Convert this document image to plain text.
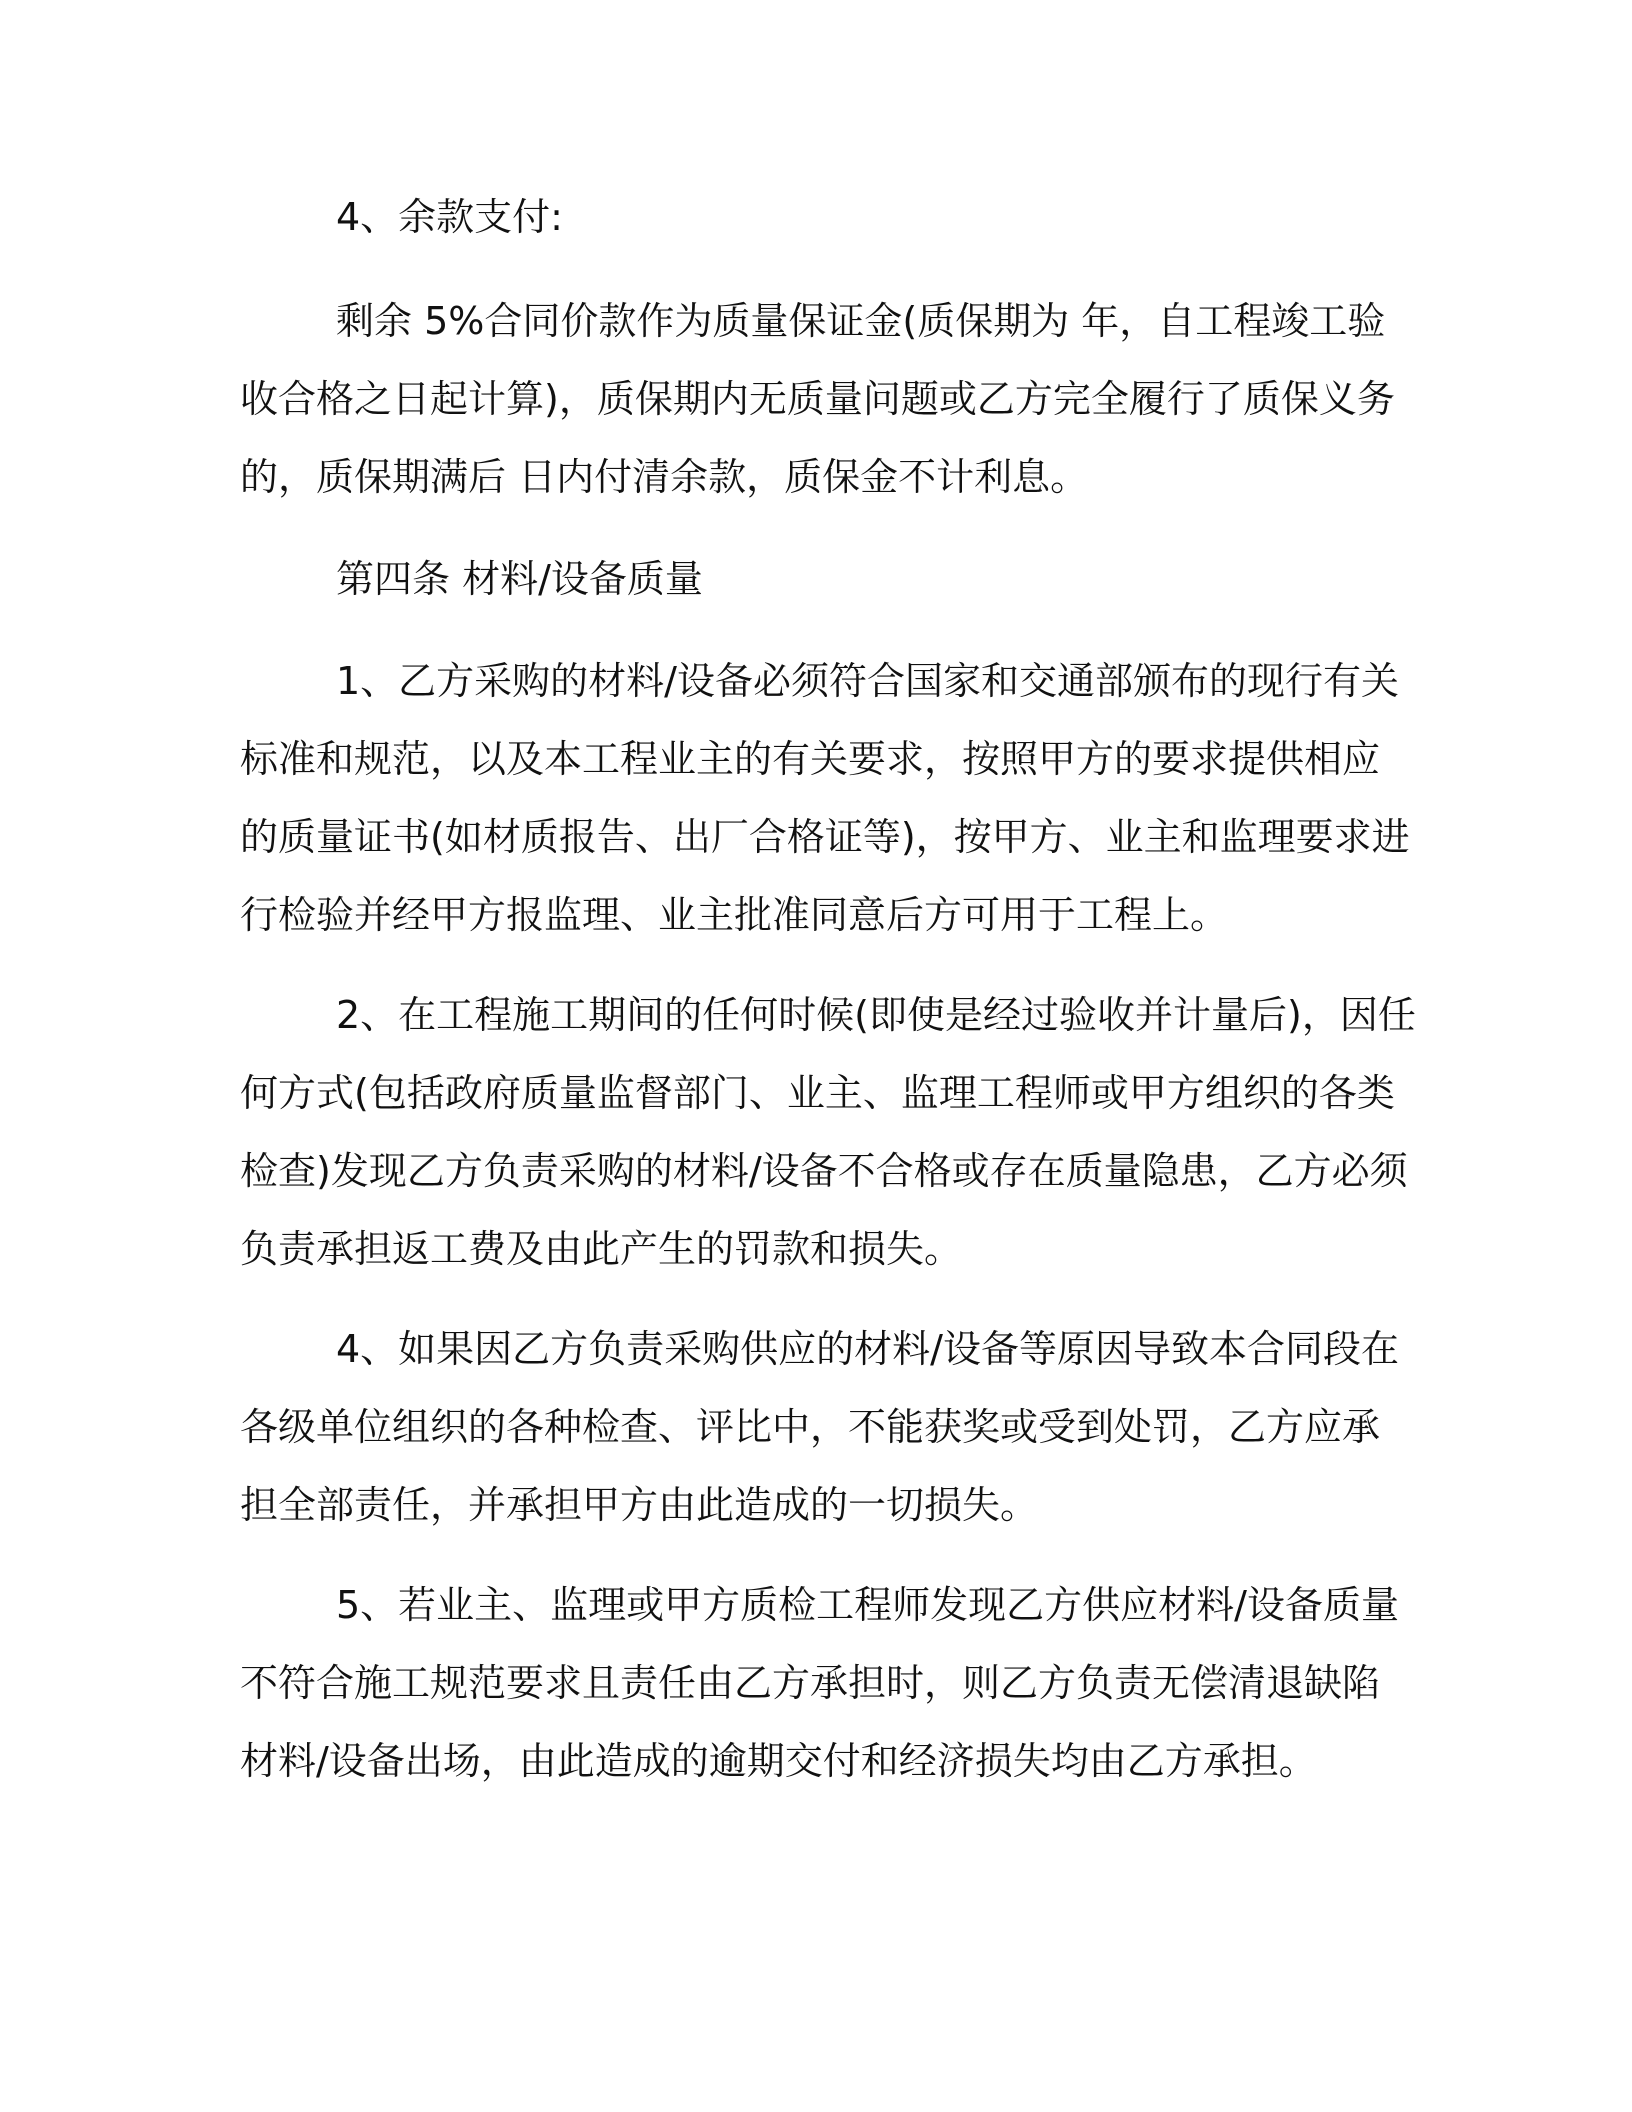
4、余款支付:

剩余 5%合同价款作为质量保证金(质保期为 年，自工程竣工验
收合格之日起计算)，质保期内无质量问题或乙方完全履行了质保义务
的，质保期满后 日内付清余款，质保金不计利息。

第四条 材料/设备质量

1、乙方采购的材料/设备必须符合国家和交通部颁布的现行有关
标准和规范，以及本工程业主的有关要求，按照甲方的要求提供相应
的质量证书(如材质报告、出厂合格证等)，按甲方、业主和监理要求进
行检验并经甲方报监理、业主批准同意后方可用于工程上。
2、在工程施工期间的任何时候(即使是经过验收并计量后)，因任
何方式(包括政府质量监督部门、业主、监理工程师或甲方组织的各类
检查)发现乙方负责采购的材料/设备不合格或存在质量隐患，乙方必须
负责承担返工费及由此产生的罚款和损失。
4、如果因乙方负责采购供应的材料/设备等原因导致本合同段在
各级单位组织的各种检查、评比中，不能获奖或受到处罚，乙方应承
担全部责任，并承担甲方由此造成的一切损失。
5、若业主、监理或甲方质检工程师发现乙方供应材料/设备质量
不符合施工规范要求且责任由乙方承担时，则乙方负责无偿清退缺陷
材料/设备出场，由此造成的逾期交付和经济损失均由乙方承担。
